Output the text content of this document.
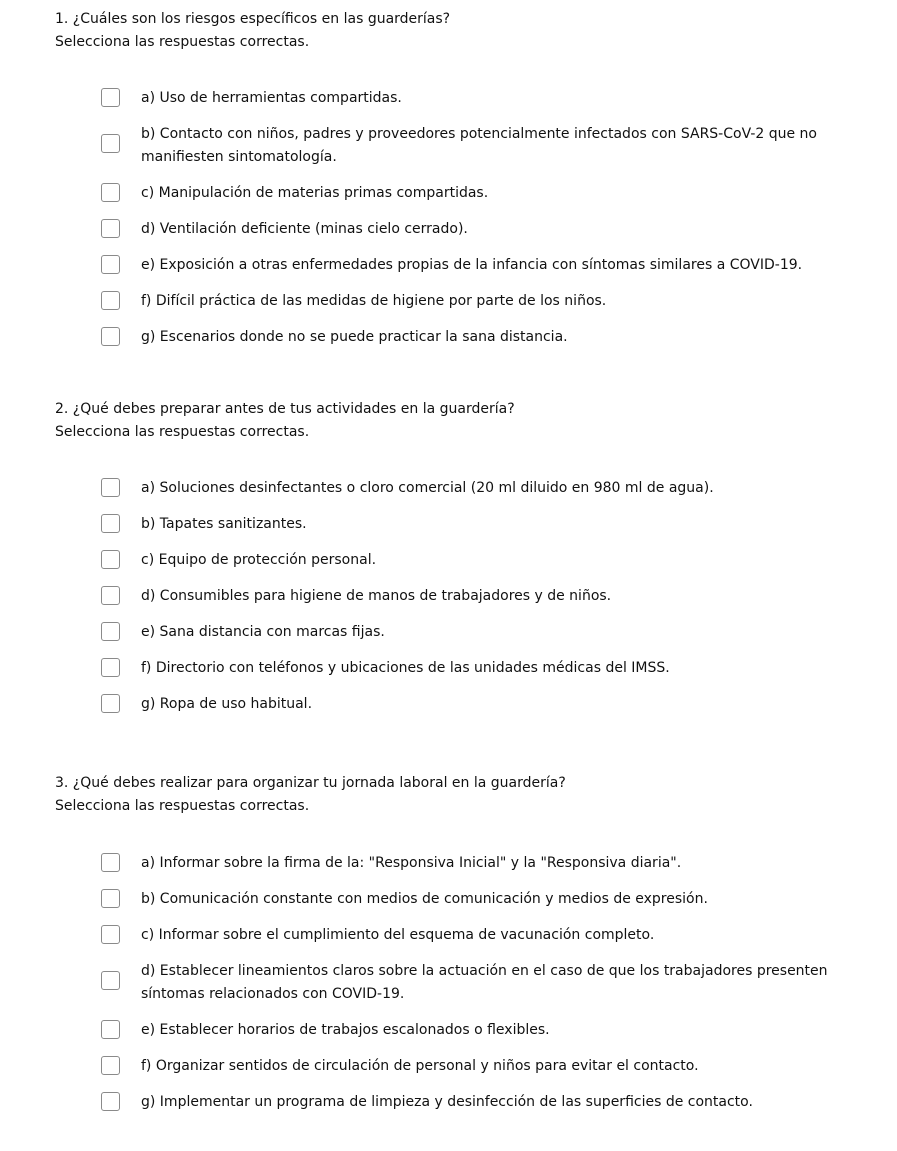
1. ¿Cuáles son los riesgos específicos en las guarderías?

Selecciona las respuestas correctas.

a) Uso de herramientas compartidas.
b) Contacto con niños, padres y proveedores potencialmente infectados con SARS-CoV-2 que no manifiesten sintomatología.
c) Manipulación de materias primas compartidas.
d) Ventilación deficiente (minas cielo cerrado).
e) Exposición a otras enfermedades propias de la infancia con síntomas similares a COVID-19.
f) Difícil práctica de las medidas de higiene por parte de los niños.
g) Escenarios donde no se puede practicar la sana distancia.

2. ¿Qué debes preparar antes de tus actividades en la guardería?

Selecciona las respuestas correctas.

a) Soluciones desinfectantes o cloro comercial (20 ml diluido en 980 ml de agua).
b) Tapates sanitizantes.
c) Equipo de protección personal.
d) Consumibles para higiene de manos de trabajadores y de niños.
e) Sana distancia con marcas fijas.
f) Directorio con teléfonos y ubicaciones de las unidades médicas del IMSS.
g) Ropa de uso habitual.

3. ¿Qué debes realizar para organizar tu jornada laboral en la guardería?

Selecciona las respuestas correctas.

a) Informar sobre la firma de la: "Responsiva Inicial" y la "Responsiva diaria".
b) Comunicación constante con medios de comunicación y medios de expresión.
c) Informar sobre el cumplimiento del esquema de vacunación completo.
d) Establecer lineamientos claros sobre la actuación en el caso de que los trabajadores presenten síntomas relacionados con COVID-19.
e) Establecer horarios de trabajos escalonados o flexibles.
f) Organizar sentidos de circulación de personal y niños para evitar el contacto.
g) Implementar un programa de limpieza y desinfección de las superficies de contacto.
